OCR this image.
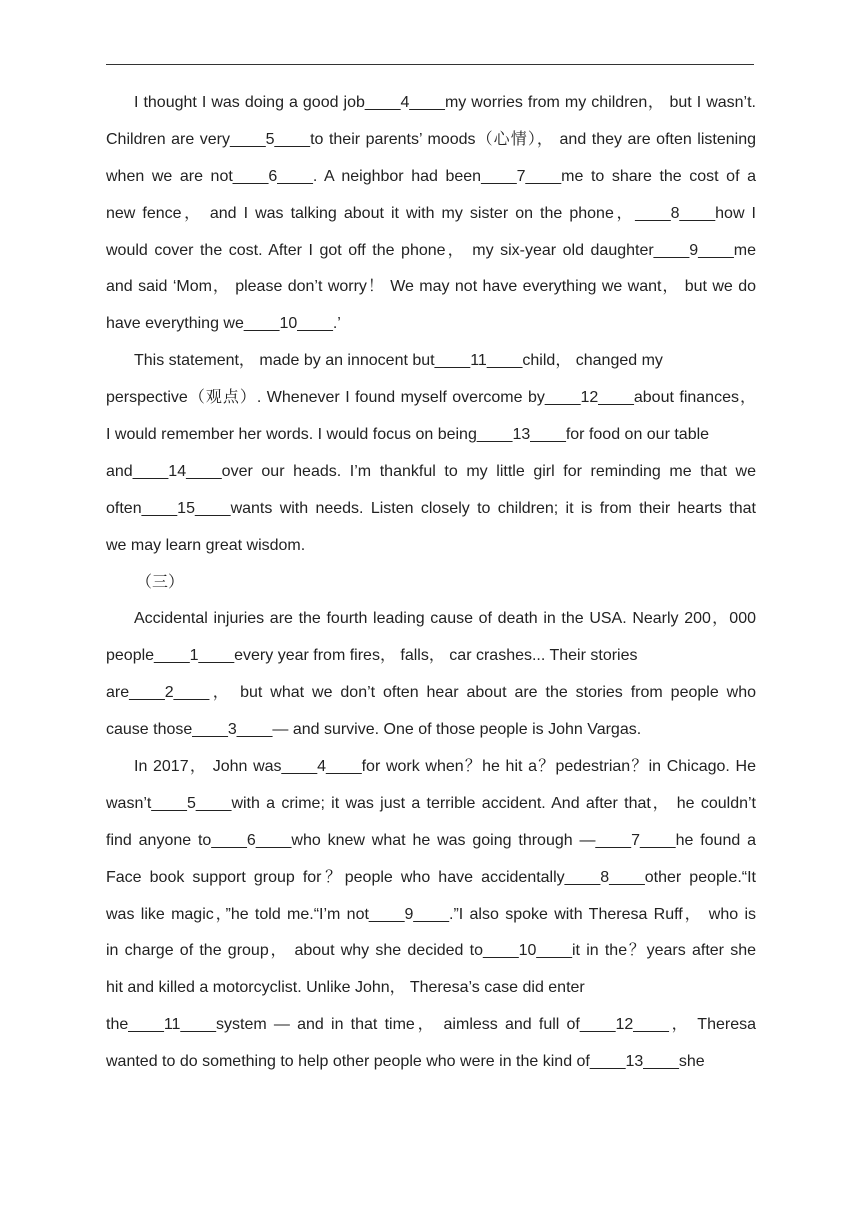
I thought I was doing a good job____4____my worries from my children， but I wasn’t.
Children are very____5____to their parents’ moods（心情）， and they are often listening
when we are not____6____. A neighbor had been____7____me to share the cost of a
new fence， and I was talking about it with my sister on the phone，____8____how I
would cover the cost. After I got off the phone， my six-year old daughter____9____me
and said ‘Mom， please don’t worry！ We may not have everything we want， but we do
have everything we____10____.’
This statement， made by an innocent but____11____child， changed my
perspective（观点）. Whenever I found myself overcome by____12____about finances，
I would remember her words. I would focus on being____13____for food on our table
and____14____over our heads. I’m thankful to my little girl for reminding me that we
often____15____wants with needs. Listen closely to children; it is from their hearts that
we may learn great wisdom.
（三）
Accidental injuries are the fourth leading cause of death in the USA. Nearly 200，000
people____1____every year from fires， falls， car crashes... Their stories
are____2____， but what we don’t often hear about are the stories from people who
cause those____3____— and survive. One of those people is John Vargas.
In 2017， John was____4____for work when？he hit a？pedestrian？in Chicago. He
wasn’t____5____with a crime; it was just a terrible accident. And after that， he couldn’t
find anyone to____6____who knew what he was going through —____7____he found a
Face book support group for？people who have accidentally____8____other people.“It
was like magic，”he told me.“I’m not____9____.”I also spoke with Theresa Ruff， who is
in charge of the group， about why she decided to____10____it in the？years after she
hit and killed a motorcyclist. Unlike John， Theresa’s case did enter
the____11____system — and in that time， aimless and full of____12____， Theresa
wanted to do something to help other people who were in the kind of____13____she
